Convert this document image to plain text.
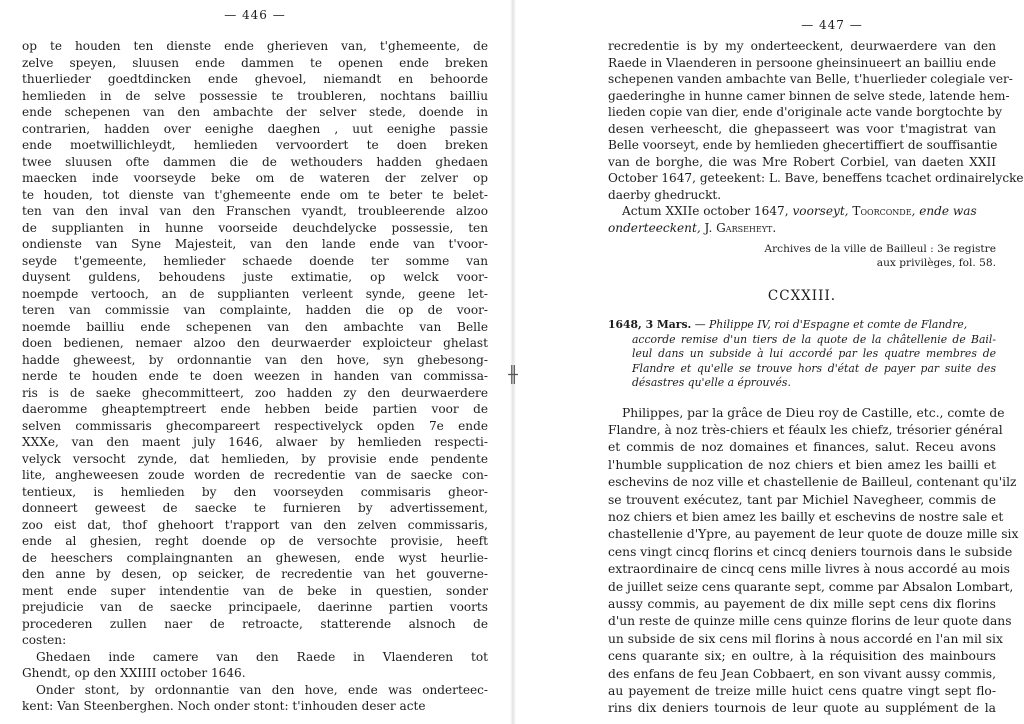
╫
— 446 —
op te houden ten dienste ende gherieven van, t'ghemeente, de
zelve speyen, sluusen ende dammen te openen ende breken
thuerlieder goedtdincken ende ghevoel, niemandt en behoorde
hemlieden in de selve possessie te troubleren, nochtans bailliu
ende schepenen van den ambachte der selver stede, doende in
contrarien, hadden over eenighe daeghen , uut eenighe passie
ende moetwillichleydt, hemlieden vervoordert te doen breken
twee sluusen ofte dammen die de wethouders hadden ghedaen
maecken inde voorseyde beke om de wateren der zelver op
te houden, tot dienste van t'ghemeente ende om te beter te belet-
ten van den inval van den Franschen vyandt, troubleerende alzoo
de supplianten in hunne voorseide deuchdelycke possessie, ten
ondienste van Syne Majesteit, van den lande ende van t'voor-
seyde t'gemeente, hemlieder schaede doende ter somme van
duysent guldens, behoudens juste extimatie, op welck voor-
noempde vertooch, an de supplianten verleent synde, geene let-
teren van commissie van complainte, hadden die op de voor-
noemde bailliu ende schepenen van den ambachte van Belle
doen bedienen, nemaer alzoo den deurwaerder exploicteur ghelast
hadde gheweest, by ordonnantie van den hove, syn ghebesong-
nerde te houden ende te doen weezen in handen van commissa-
ris is de saeke ghecommitteert, zoo hadden zy den deurwaerdere
daeromme gheaptemptreert ende hebben beide partien voor de
selven commissaris ghecompareert respectivelyck opden 7e ende
XXXe, van den maent july 1646, alwaer by hemlieden respecti-
velyck versocht zynde, dat hemlieden, by provisie ende pendente
lite, angheweesen zoude worden de recredentie van de saecke con-
tentieux, is hemlieden by den voorseyden commisaris gheor-
donneert geweest de saecke te furnieren by advertissement,
zoo eist dat, thof ghehoort t'rapport van den zelven commissaris,
ende al ghesien, reght doende op de versochte provisie, heeft
de heeschers complaingnanten an ghewesen, ende wyst heurlie-
den anne by desen, op seicker, de recredentie van het gouverne-
ment ende super intendentie van de beke in questien, sonder
prejudicie van de saecke principaele, daerinne partien voorts
procederen zullen naer de retroacte, statterende alsnoch de
costen:
Ghedaen inde camere van den Raede in Vlaenderen tot
Ghendt, op den XXIIII october 1646.
Onder stont, by ordonnantie van den hove, ende was onderteec-
kent: Van Steenberghen. Noch onder stont: t'inhouden deser acte
— 447 —
recredentie is by my onderteeckent, deurwaerdere van den
Raede in Vlaenderen in persoone gheinsinueert an bailliu ende
schepenen vanden ambachte van Belle, t'huerlieder colegiale ver-
gaederinghe in hunne camer binnen de selve stede, latende hem-
lieden copie van dier, ende d'originale acte vande borgtochte by
desen verheescht, die ghepasseert was voor t'magistrat van
Belle voorseyt, ende by hemlieden ghecertiffiert de souffisantie
van de borghe, die was Mre Robert Corbiel, van daeten XXII
October 1647, geteekent: L. Bave, beneffens tcachet ordinairelycke
daerby ghedruckt.
Actum XXIIe october 1647, voorseyt, Toorconde, ende was
onderteeckent, J. Garseheyt.
Archives de la ville de Bailleul : 3e registre
aux privilèges, fol. 58.
CCXXIII.
1648, 3 Mars. — Philippe IV, roi d'Espagne et comte de Flandre,
accorde remise d'un tiers de la quote de la châtellenie de Bail-
leul dans un subside à lui accordé par les quatre membres de
Flandre et qu'elle se trouve hors d'état de payer par suite des
désastres qu'elle a éprouvés.
Philippes, par la grâce de Dieu roy de Castille, etc., comte de
Flandre, à noz très-chiers et féaulx les chiefz, trésorier général
et commis de noz domaines et finances, salut. Receu avons
l'humble supplication de noz chiers et bien amez les bailli et
eschevins de noz ville et chastellenie de Bailleul, contenant qu'ilz
se trouvent exécutez, tant par Michiel Navegheer, commis de
noz chiers et bien amez les bailly et eschevins de nostre sale et
chastellenie d'Ypre, au payement de leur quote de douze mille six
cens vingt cincq florins et cincq deniers tournois dans le subside
extraordinaire de cincq cens mille livres à nous accordé au mois
de juillet seize cens quarante sept, comme par Absalon Lombart,
aussy commis, au payement de dix mille sept cens dix florins
d'un reste de quinze mille cens quinze florins de leur quote dans
un subside de six cens mil florins à nous accordé en l'an mil six
cens quarante six; en oultre, à la réquisition des mainbours
des enfans de feu Jean Cobbaert, en son vivant aussy commis,
au payement de treize mille huict cens quatre vingt sept flo-
rins dix deniers tournois de leur quote au supplément de la
